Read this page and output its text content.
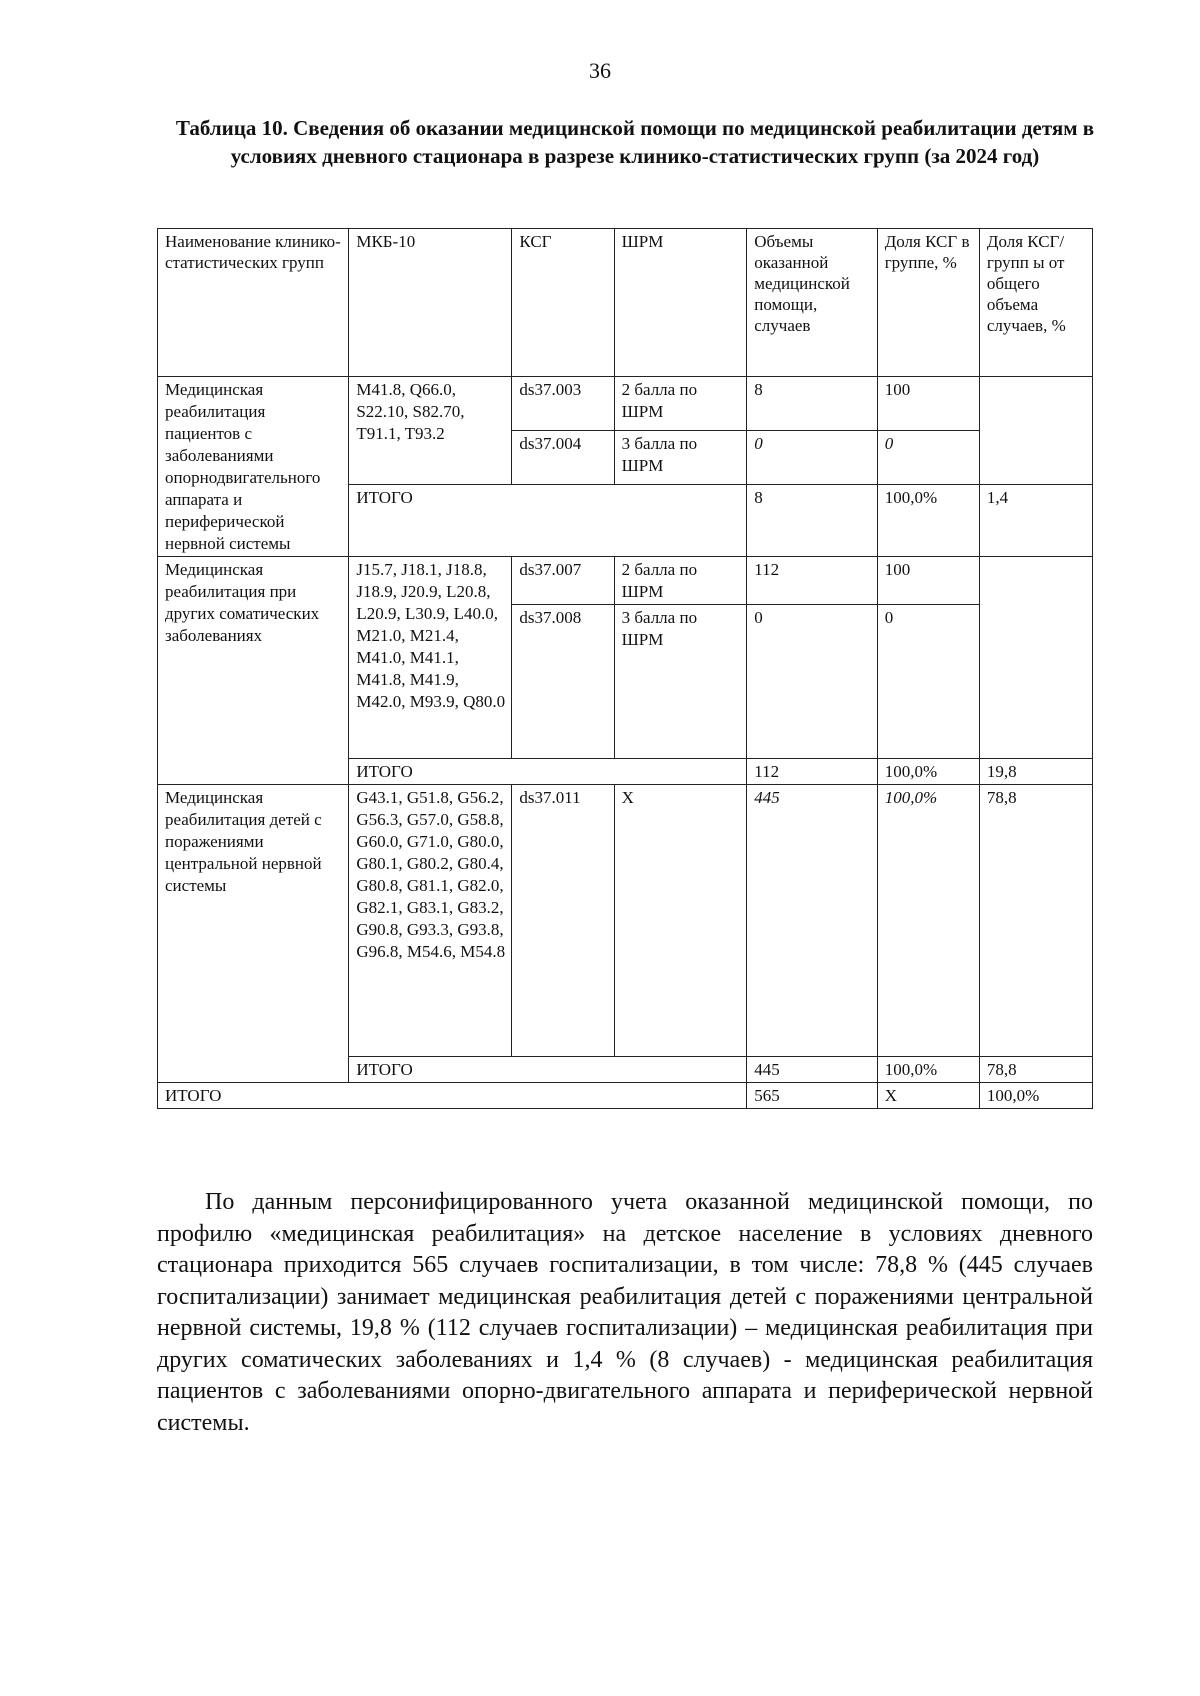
36
Таблица 10. Сведения об оказании медицинской помощи по медицинской реабилитации детям в условиях дневного стационара в разрезе клинико-статистических групп (за 2024 год)
Наименование клинико-статистических групп	МКБ-10	КСГ	ШРМ	Объемы оказанной медицинской помощи, случаев	Доля КСГ в группе, %	Доля КСГ/групп ы от общего объема случаев, %
Медицинская реабилитация пациентов с заболеваниями опорнодвигательного аппарата и периферической нервной системы	M41.8, Q66.0, S22.10, S82.70, T91.1, T93.2	ds37.003	2 балла по ШРМ	8	100	
		ds37.004	3 балла по ШРМ	0	0	
	ИТОГО			8	100,0%	1,4
Медицинская реабилитация при других соматических заболеваниях	J15.7, J18.1, J18.8, J18.9, J20.9, L20.8, L20.9, L30.9, L40.0, M21.0, M21.4, M41.0, M41.1, M41.8, M41.9, M42.0, M93.9, Q80.0	ds37.007	2 балла по ШРМ	112	100	
		ds37.008	3 балла по ШРМ	0	0	
	ИТОГО			112	100,0%	19,8
Медицинская реабилитация детей с поражениями центральной нервной системы	G43.1, G51.8, G56.2, G56.3, G57.0, G58.8, G60.0, G71.0, G80.0, G80.1, G80.2, G80.4, G80.8, G81.1, G82.0, G82.1, G83.1, G83.2, G90.8, G93.3, G93.8, G96.8, M54.6, M54.8	ds37.011	X	445	100,0%	78,8
	ИТОГО			445	100,0%	78,8
ИТОГО				565	X	100,0%

По данным персонифицированного учета оказанной медицинской помощи, по профилю «медицинская реабилитация» на детское население в условиях дневного стационара приходится 565 случаев госпитализации, в том числе: 78,8 % (445 случаев госпитализации) занимает медицинская реабилитация детей с поражениями центральной нервной системы, 19,8 % (112 случаев госпитализации) – медицинская реабилитация при других соматических заболеваниях и 1,4 % (8 случаев) - медицинская реабилитация пациентов с заболеваниями опорно-двигательного аппарата и периферической нервной системы.
